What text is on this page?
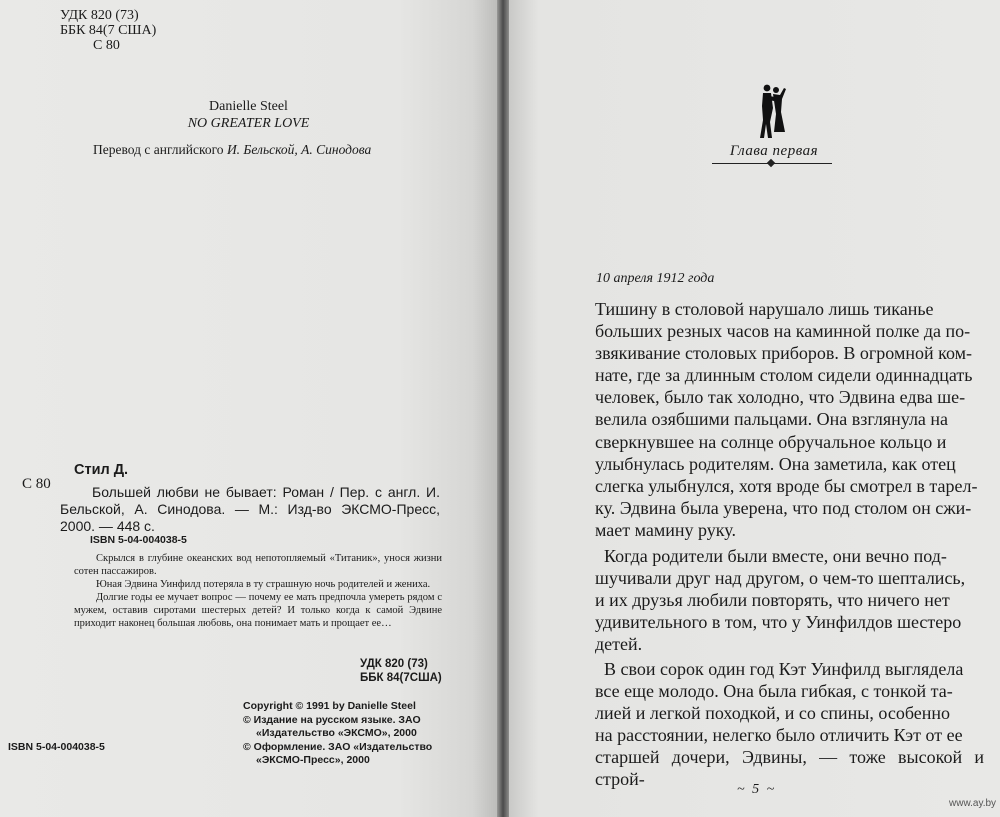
УДК 820 (73)
ББК 84(7 США)
С 80
Danielle Steel
NO GREATER LOVE
Перевод с английского И. Бельской, А. Синодова
С 80
Стил Д.
Большей любви не бывает: Роман / Пер. с англ. И. Бельской, А. Синодова. — М.: Изд-во ЭКСМО-Пресс, 2000. — 448 с.
ISBN 5-04-004038-5

Скрылся в глубине океанских вод непотопляемый «Титаник», унося жизни сотен пассажиров.

Юная Эдвина Уинфилд потеряла в ту страшную ночь родителей и жениха.

Долгие годы ее мучает вопрос — почему ее мать предпочла умереть рядом с мужем, оставив сиротами шестерых детей? И только когда к самой Эдвине приходит наконец большая любовь, она понимает мать и прощает ее…

УДК 820 (73)
ББК 84(7США)
Copyright © 1991 by Danielle Steel
© Издание на русском языке. ЗАО
«Издательство «ЭКСМО», 2000
© Оформление. ЗАО «Издательство
«ЭКСМО-Пресс», 2000
ISBN 5-04-004038-5
Глава первая
10 апреля 1912 года
Тишину в столовой нарушало лишь тиканье
больших резных часов на каминной полке да по-
звякивание столовых приборов. В огромной ком-
нате, где за длинным столом сидели одиннадцать
человек, было так холодно, что Эдвина едва ше-
велила озябшими пальцами. Она взглянула на
сверкнувшее на солнце обручальное кольцо и
улыбнулась родителям. Она заметила, как отец
слегка улыбнулся, хотя вроде бы смотрел в тарел-
ку. Эдвина была уверена, что под столом он сжи-
мает мамину руку.
Когда родители были вместе, они вечно под-
шучивали друг над другом, о чем-то шептались,
и их друзья любили повторять, что ничего нет
удивительного в том, что у Уинфилдов шестеро
детей.
В свои сорок один год Кэт Уинфилд выглядела
все еще молодо. Она была гибкая, с тонкой та-
лией и легкой походкой, и со спины, особенно
на расстоянии, нелегко было отличить Кэт от ее
старшей дочери, Эдвины, — тоже высокой и строй-
~ 5 ~
www.ay.by
